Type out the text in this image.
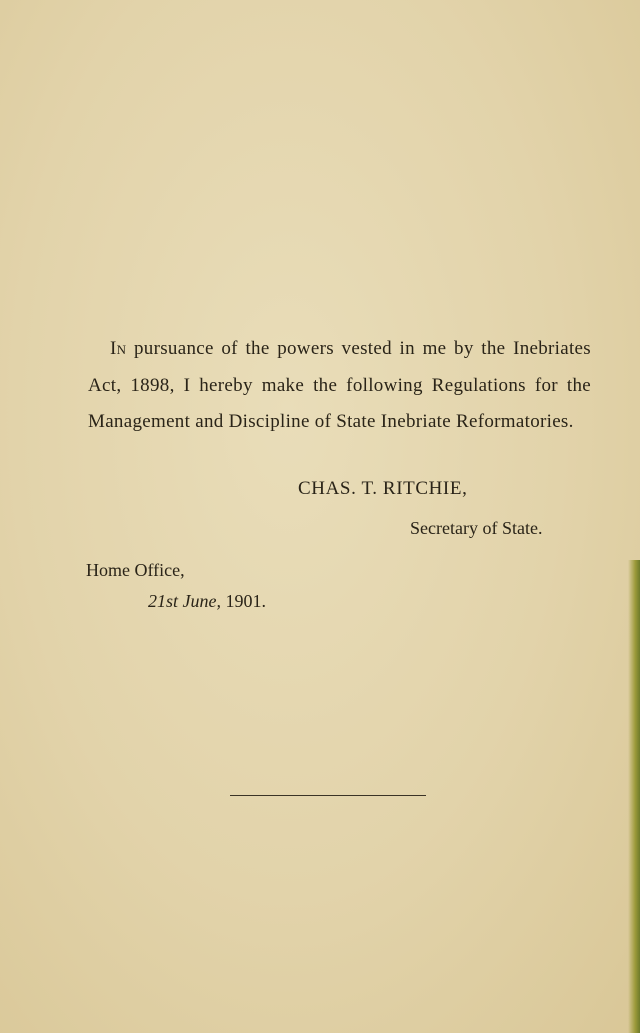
In pursuance of the powers vested in me by the Inebriates
Act, 1898, I hereby make the following Regulations for the
Management and Discipline of State Inebriate Reformatories.
CHAS. T. RITCHIE,
Secretary of State.
Home Office,
21st June, 1901.
